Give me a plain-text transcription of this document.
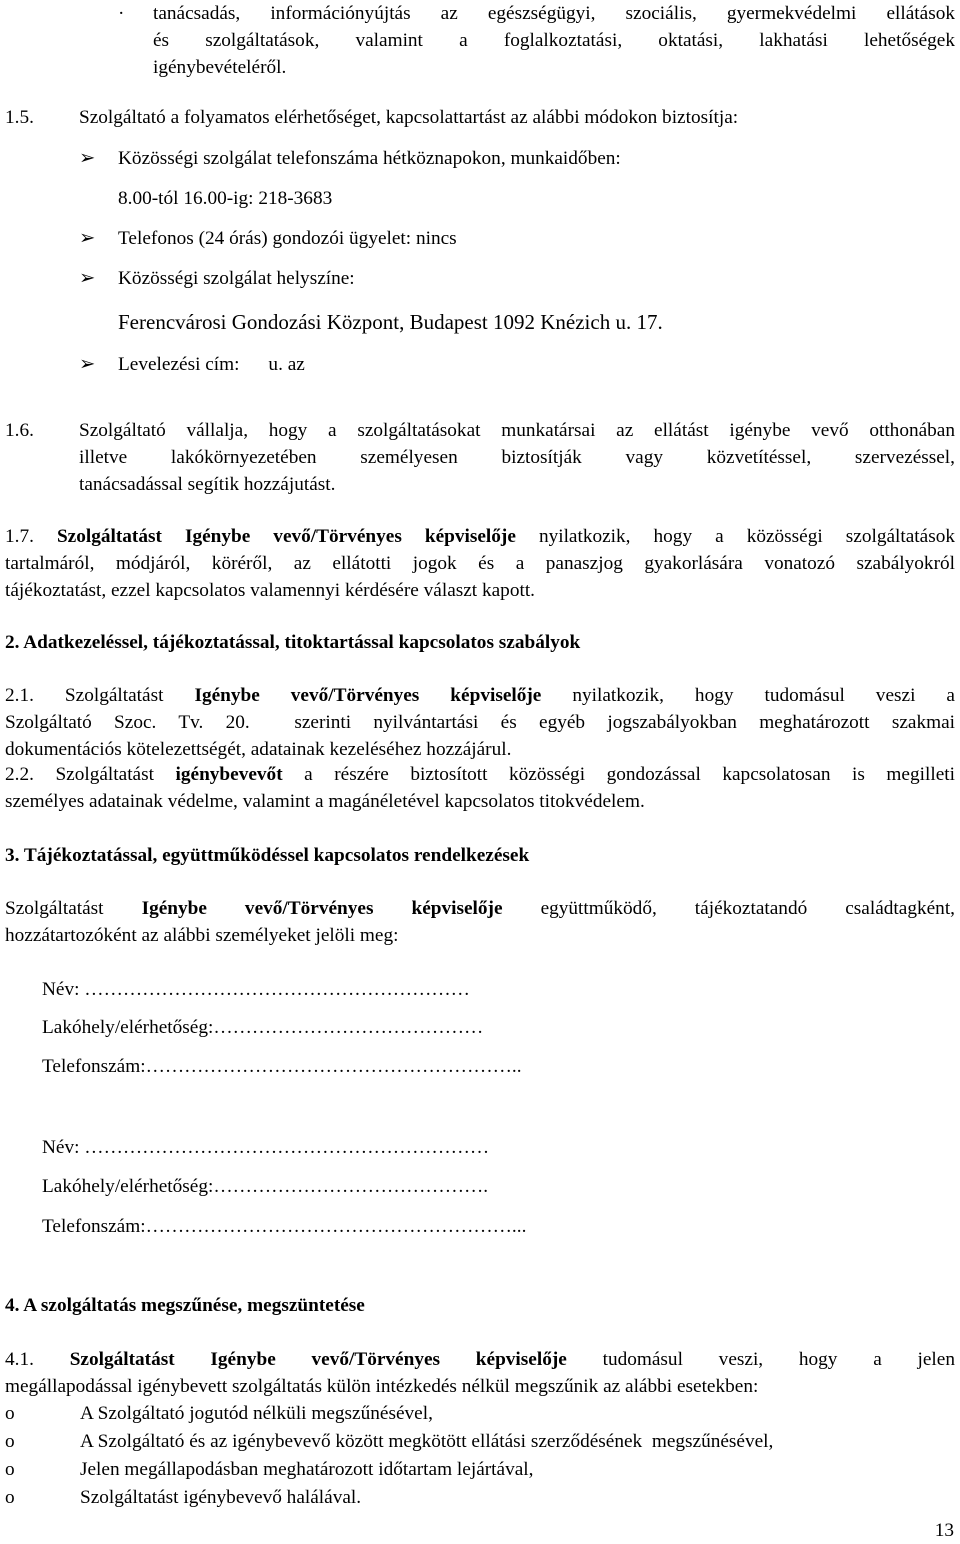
· tanácsadás, információnyújtás az egészségügyi, szociális, gyermekvédelmi ellátások
és szolgáltatások, valamint a foglalkoztatási, oktatási, lakhatási lehetőségek
igénybevételéről.
1.5. Szolgáltató a folyamatos elérhetőséget, kapcsolattartást az alábbi módokon biztosítja:
➢ Közösségi szolgálat telefonszáma hétköznapokon, munkaidőben:
8.00-tól 16.00-ig: 218-3683
➢ Telefonos (24 órás) gondozói ügyelet: nincs
➢ Közösségi szolgálat helyszíne:
Ferencvárosi Gondozási Központ, Budapest 1092 Knézich u. 17.
➢ Levelezési cím:      u. az
1.6. Szolgáltató vállalja, hogy a szolgáltatásokat munkatársai az ellátást igénybe vevő otthonában
illetve lakókörnyezetében személyesen biztosítják vagy közvetítéssel, szervezéssel,
tanácsadással segítik hozzájutást.
1.7. Szolgáltatást Igénybe vevő/Törvényes képviselője nyilatkozik, hogy a közösségi szolgáltatások
tartalmáról, módjáról, köréről, az ellátotti jogok és a panaszjog gyakorlására vonatozó szabályokról
tájékoztatást, ezzel kapcsolatos valamennyi kérdésére választ kapott.
2. Adatkezeléssel, tájékoztatással, titoktartással kapcsolatos szabályok
2.1. Szolgáltatást Igénybe vevő/Törvényes képviselője nyilatkozik, hogy tudomásul veszi a
Szolgáltató Szoc. Tv. 20.  szerinti nyilvántartási és egyéb jogszabályokban meghatározott szakmai
dokumentációs kötelezettségét, adatainak kezeléséhez hozzájárul.
2.2. Szolgáltatást igénybevevőt a részére biztosított közösségi gondozással kapcsolatosan is megilleti
személyes adatainak védelme, valamint a magánéletével kapcsolatos titokvédelem.
3. Tájékoztatással, együttműködéssel kapcsolatos rendelkezések
Szolgáltatást Igénybe vevő/Törvényes képviselője együttműködő, tájékoztatandó családtagként,
hozzátartozóként az alábbi személyeket jelöli meg:
Név: ……………………………………………………
Lakóhely/elérhetőség:……………………………………
Telefonszám:…………………………………………………..
Név: ………………………………………………………
Lakóhely/elérhetőség:…………………………………….
Telefonszám:…………………………………………………...
4. A szolgáltatás megszűnése, megszüntetése
4.1. Szolgáltatást Igénybe vevő/Törvényes képviselője tudomásul veszi, hogy a jelen
megállapodással igénybevett szolgáltatás külön intézkedés nélkül megszűnik az alábbi esetekben:
o	A Szolgáltató jogutód nélküli megszűnésével,
o	A Szolgáltató és az igénybevevő között megkötött ellátási szerződésének  megszűnésével,
o	Jelen megállapodásban meghatározott időtartam lejártával,
o	Szolgáltatást igénybevevő halálával.
13
